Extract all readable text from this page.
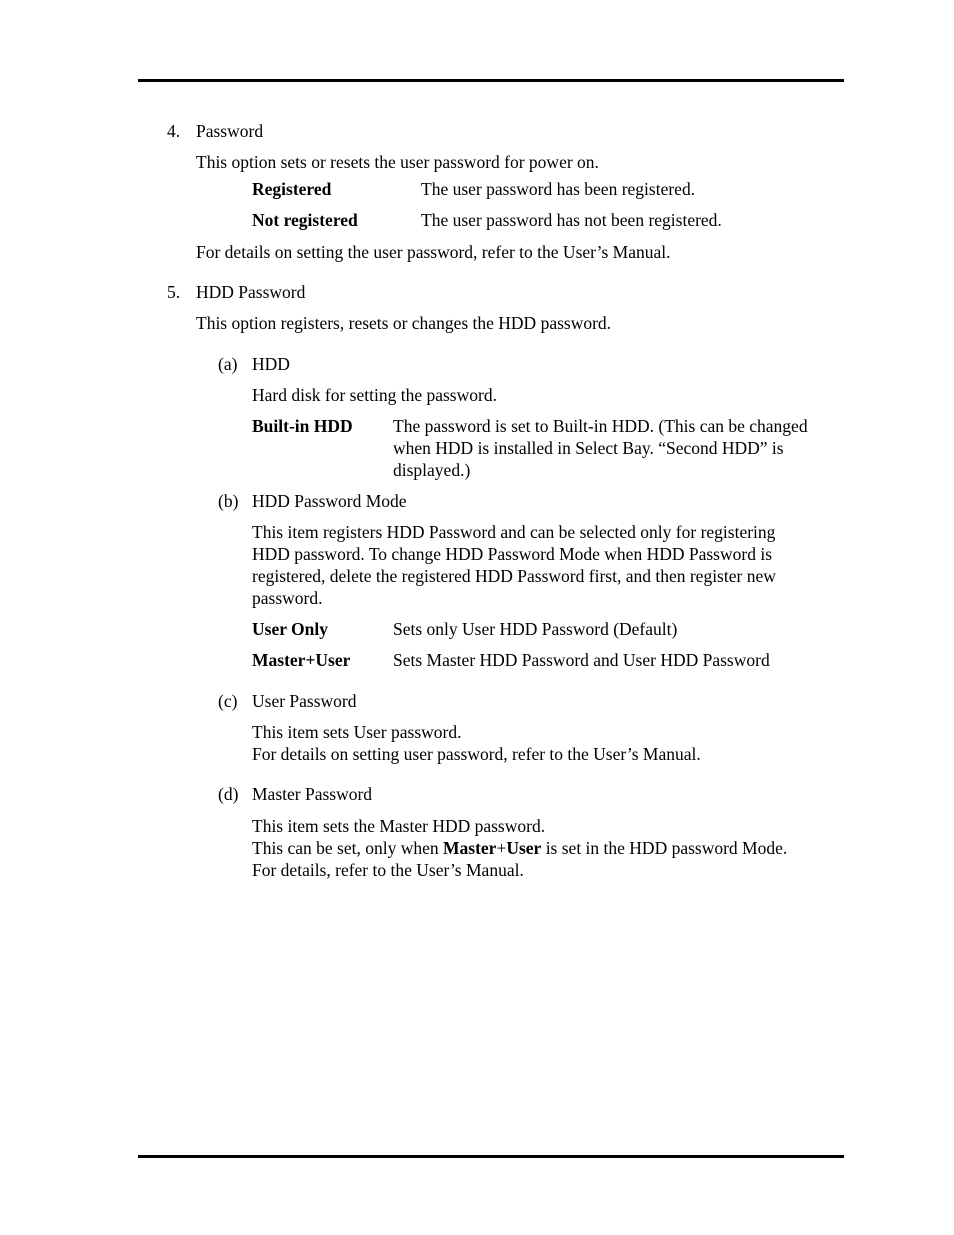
4. Password
This option sets or resets the user password for power on.
Registered	The user password has been registered.
Not registered	The user password has not been registered.
For details on setting the user password, refer to the User’s Manual.
5. HDD Password
This option registers, resets or changes the HDD password.
(a) HDD
Hard disk for setting the password.
Built-in HDD The password is set to Built-in HDD. (This can be changed
when HDD is installed in Select Bay. “Second HDD” is
displayed.)
(b) HDD Password Mode
This item registers HDD Password and can be selected only for registering
HDD password. To change HDD Password Mode when HDD Password is
registered, delete the registered HDD Password first, and then register new
password.
User Only	Sets only User HDD Password (Default)
Master+User Sets Master HDD Password and User HDD Password
(c) User Password
This item sets User password.
For details on setting user password, refer to the User’s Manual.
(d) Master Password
This item sets the Master HDD password.
This can be set, only when Master+User is set in the HDD password Mode.
For details, refer to the User’s Manual.
